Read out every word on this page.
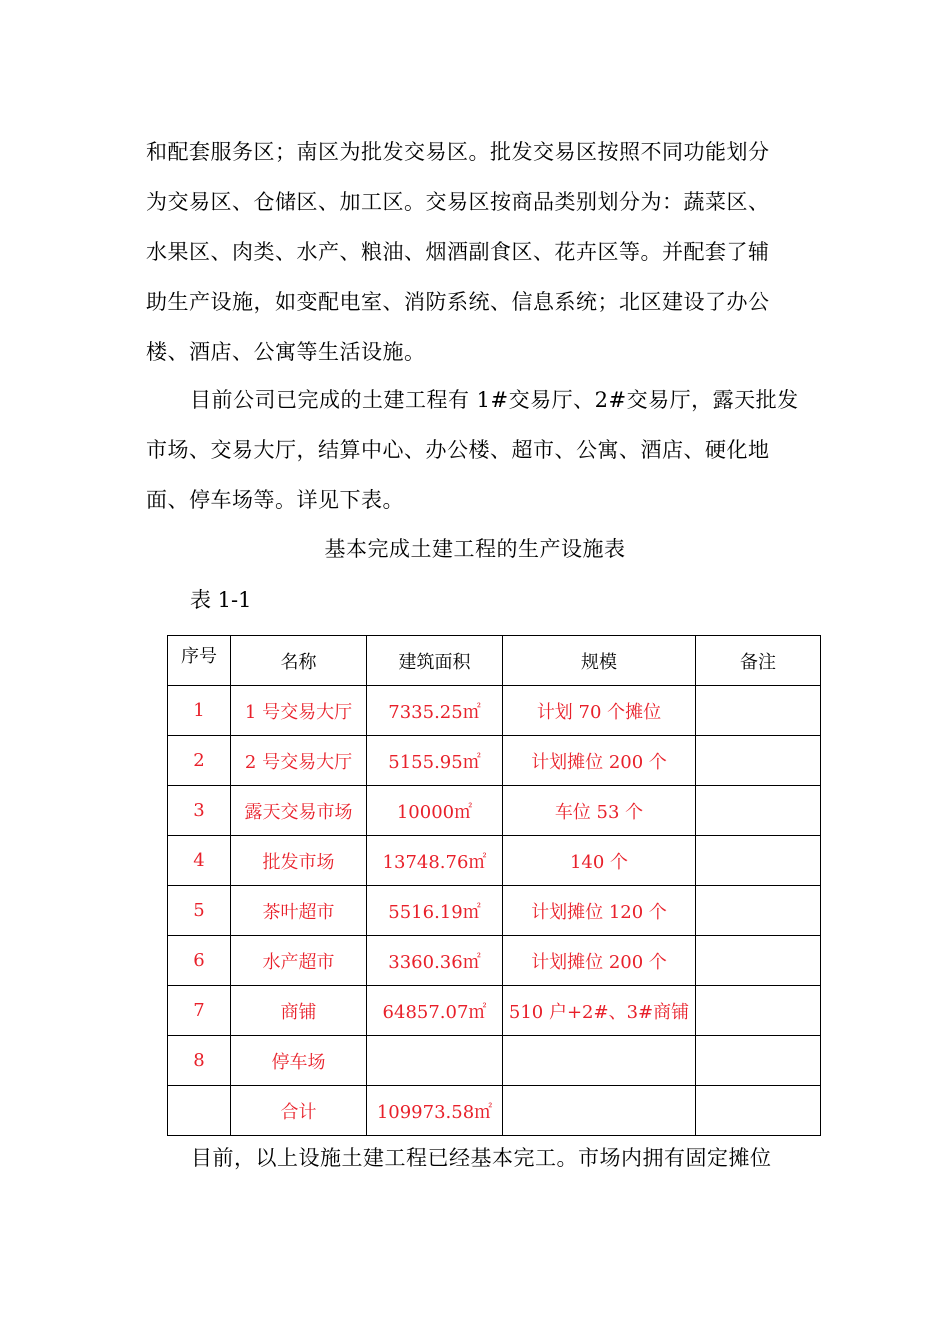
和配套服务区；南区为批发交易区。批发交易区按照不同功能划分
为交易区、仓储区、加工区。交易区按商品类别划分为：蔬菜区、
水果区、肉类、水产、粮油、烟酒副食区、花卉区等。并配套了辅
助生产设施，如变配电室、消防系统、信息系统；北区建设了办公
楼、酒店、公寓等生活设施。
目前公司已完成的土建工程有 1#交易厅、2#交易厅，露天批发
市场、交易大厅，结算中心、办公楼、超市、公寓、酒店、硬化地
面、停车场等。详见下表。
基本完成土建工程的生产设施表
表 1-1
序号	名称	建筑面积	规模	备注
1	1 号交易大厅	7335.25㎡	计划 70 个摊位	
2	2 号交易大厅	5155.95㎡	计划摊位 200 个	
3	露天交易市场	10000㎡	车位 53 个	
4	批发市场	13748.76㎡	140 个	
5	茶叶超市	5516.19㎡	计划摊位 120 个	
6	水产超市	3360.36㎡	计划摊位 200 个	
7	商铺	64857.07㎡	510 户+2#、3#商铺	
8	停车场			
	合计	109973.58㎡		
目前，以上设施土建工程已经基本完工。市场内拥有固定摊位
